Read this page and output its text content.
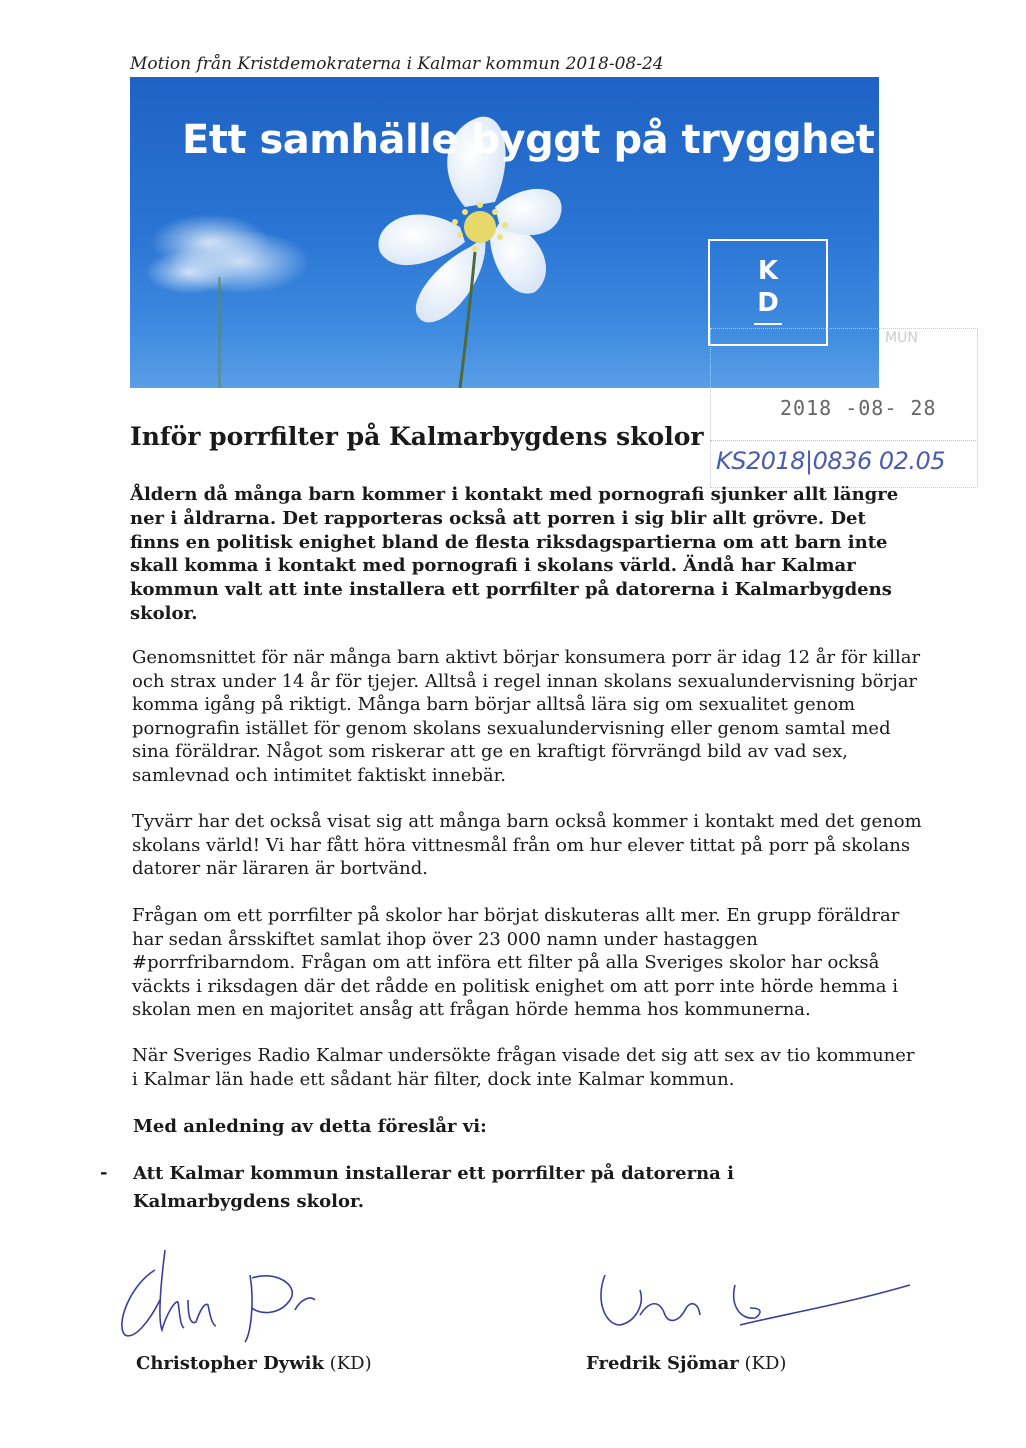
Motion från Kristdemokraterna i Kalmar kommun 2018-08-24
Ett samhälle byggt på trygghet & tillit
K
D
MUN
2018 -08- 28
KS2018|0836 02.05
Inför porrfilter på Kalmarbygdens skolor

Åldern då många barn kommer i kontakt med pornografi sjunker allt längre ner i åldrarna. Det rapporteras också att porren i sig blir allt grövre. Det finns en politisk enighet bland de flesta riksdagspartierna om att barn inte skall komma i kontakt med pornografi i skolans värld. Ändå har Kalmar kommun valt att inte installera ett porrfilter på datorerna i Kalmarbygdens skolor.

Genomsnittet för när många barn aktivt börjar konsumera porr är idag 12 år för killar och strax under 14 år för tjejer. Alltså i regel innan skolans sexualundervisning börjar komma igång på riktigt. Många barn börjar alltså lära sig om sexualitet genom pornografin istället för genom skolans sexualundervisning eller genom samtal med sina föräldrar. Något som riskerar att ge en kraftigt förvrängd bild av vad sex, samlevnad och intimitet faktiskt innebär.

Tyvärr har det också visat sig att många barn också kommer i kontakt med det genom skolans värld! Vi har fått höra vittnesmål från om hur elever tittat på porr på skolans datorer när läraren är bortvänd.

Frågan om ett porrfilter på skolor har börjat diskuteras allt mer. En grupp föräldrar har sedan årsskiftet samlat ihop över 23 000 namn under hastaggen #porrfribarndom. Frågan om att införa ett filter på alla Sveriges skolor har också väckts i riksdagen där det rådde en politisk enighet om att porr inte hörde hemma i skolan men en majoritet ansåg att frågan hörde hemma hos kommunerna.

När Sveriges Radio Kalmar undersökte frågan visade det sig att sex av tio kommuner i Kalmar län hade ett sådant här filter, dock inte Kalmar kommun.

Med anledning av detta föreslår vi:

- Att Kalmar kommun installerar ett porrfilter på datorerna i Kalmarbygdens skolor.

Christopher Dywik (KD)	Fredrik Sjömar (KD)
